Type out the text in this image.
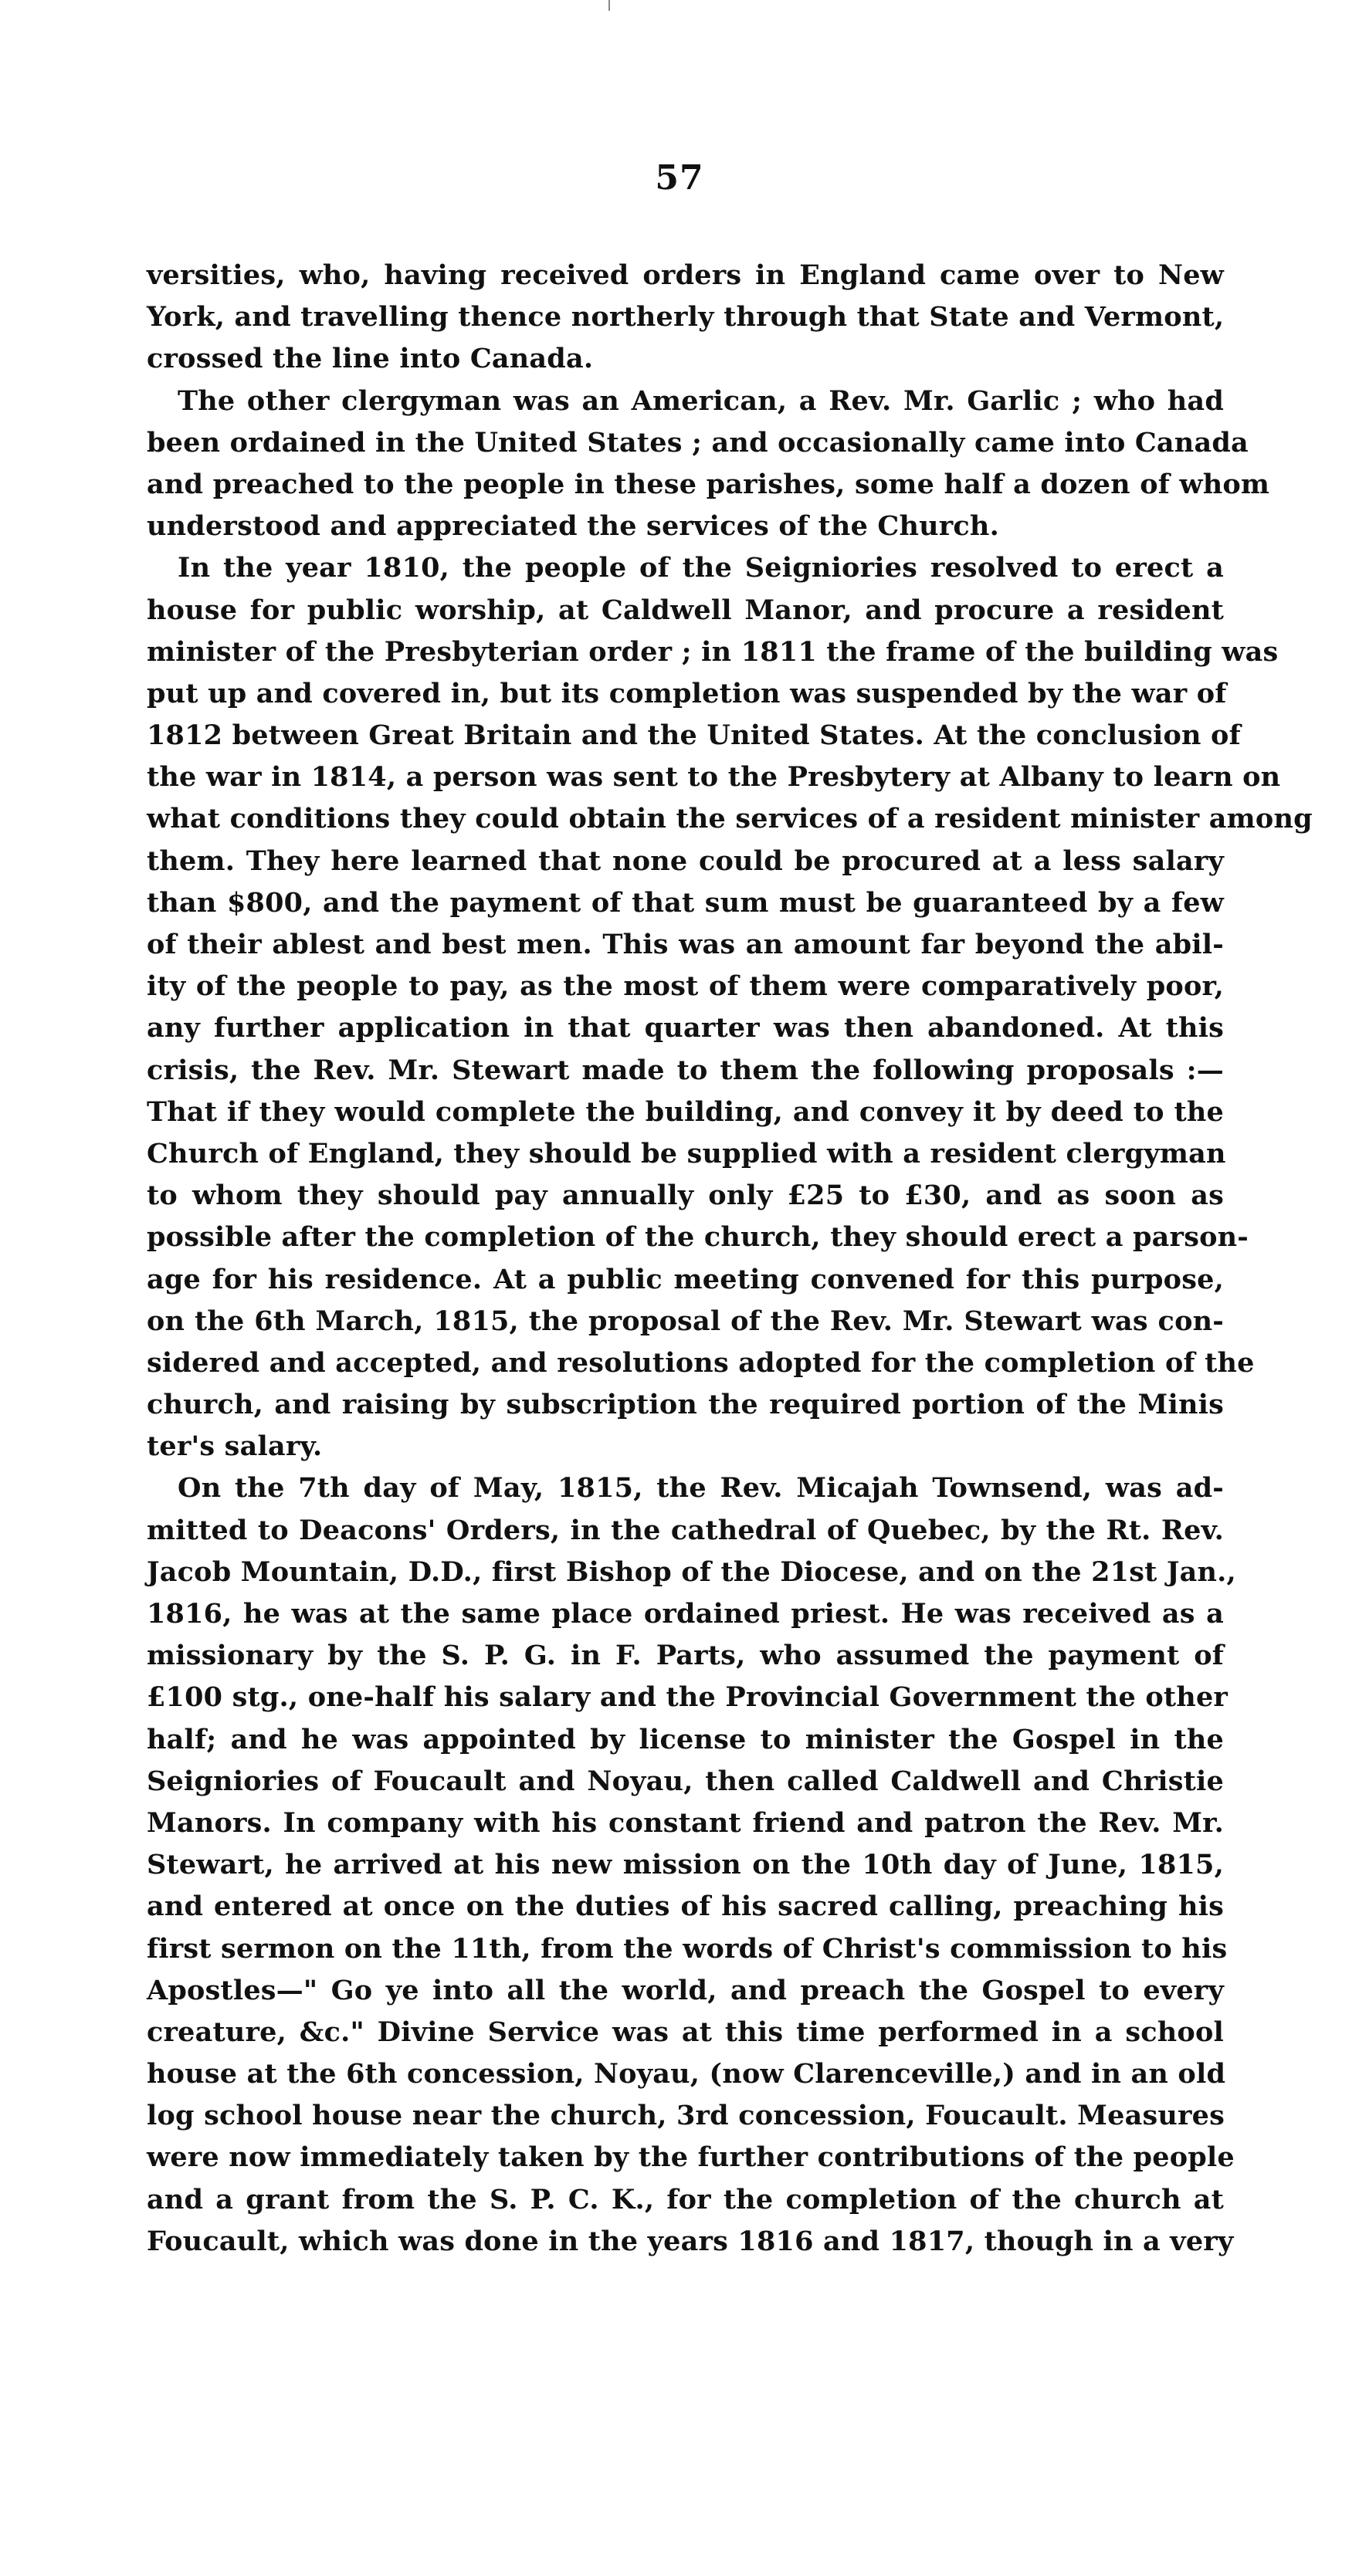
57
versities, who, having received orders in England came over to New
York, and travelling thence northerly through that State and Vermont,
crossed the line into Canada.
The other clergyman was an American, a Rev. Mr. Garlic ; who had
been ordained in the United States ; and occasionally came into Canada
and preached to the people in these parishes, some half a dozen of whom
understood and appreciated the services of the Church.
In the year 1810, the people of the Seigniories resolved to erect a
house for public worship, at Caldwell Manor, and procure a resident
minister of the Presbyterian order ; in 1811 the frame of the building was
put up and covered in, but its completion was suspended by the war of
1812 between Great Britain and the United States. At the conclusion of
the war in 1814, a person was sent to the Presbytery at Albany to learn on
what conditions they could obtain the services of a resident minister among
them. They here learned that none could be procured at a less salary
than $800, and the payment of that sum must be guaranteed by a few
of their ablest and best men. This was an amount far beyond the abil-
ity of the people to pay, as the most of them were comparatively poor,
any further application in that quarter was then abandoned. At this
crisis, the Rev. Mr. Stewart made to them the following proposals :—
That if they would complete the building, and convey it by deed to the
Church of England, they should be supplied with a resident clergyman
to whom they should pay annually only £25 to £30, and as soon as
possible after the completion of the church, they should erect a parson-
age for his residence. At a public meeting convened for this purpose,
on the 6th March, 1815, the proposal of the Rev. Mr. Stewart was con-
sidered and accepted, and resolutions adopted for the completion of the
church, and raising by subscription the required portion of the Minis
ter's salary.
On the 7th day of May, 1815, the Rev. Micajah Townsend, was ad-
mitted to Deacons' Orders, in the cathedral of Quebec, by the Rt. Rev.
Jacob Mountain, D.D., first Bishop of the Diocese, and on the 21st Jan.,
1816, he was at the same place ordained priest. He was received as a
missionary by the S. P. G. in F. Parts, who assumed the payment of
£100 stg., one-half his salary and the Provincial Government the other
half; and he was appointed by license to minister the Gospel in the
Seigniories of Foucault and Noyau, then called Caldwell and Christie
Manors. In company with his constant friend and patron the Rev. Mr.
Stewart, he arrived at his new mission on the 10th day of June, 1815,
and entered at once on the duties of his sacred calling, preaching his
first sermon on the 11th, from the words of Christ's commission to his
Apostles—" Go ye into all the world, and preach the Gospel to every
creature, &c." Divine Service was at this time performed in a school
house at the 6th concession, Noyau, (now Clarenceville,) and in an old
log school house near the church, 3rd concession, Foucault. Measures
were now immediately taken by the further contributions of the people
and a grant from the S. P. C. K., for the completion of the church at
Foucault, which was done in the years 1816 and 1817, though in a very
